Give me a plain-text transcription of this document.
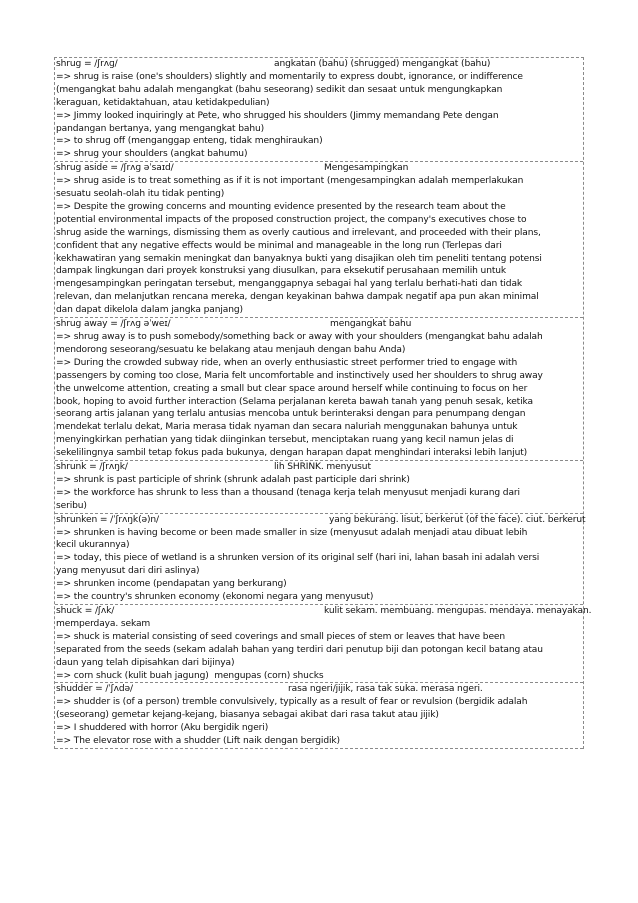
shrug = /ʃrʌɡ/	angkatan (bahu) (shrugged) mengangkat (bahu)
=> shrug is raise (one's shoulders) slightly and momentarily to express doubt, ignorance, or indifference
(mengangkat bahu adalah mengangkat (bahu seseorang) sedikit dan sesaat untuk mengungkapkan
keraguan, ketidaktahuan, atau ketidakpedulian)
=> Jimmy looked inquiringly at Pete, who shrugged his shoulders (Jimmy memandang Pete dengan
pandangan bertanya, yang mengangkat bahu)
=> to shrug off (menganggap enteng, tidak menghiraukan)
=> shrug your shoulders (angkat bahumu)
shrug aside = /ʃrʌɡ əˈsaɪd/	Mengesampingkan
=> shrug aside is to treat something as if it is not important (mengesampingkan adalah memperlakukan
sesuatu seolah-olah itu tidak penting)
=> Despite the growing concerns and mounting evidence presented by the research team about the
potential environmental impacts of the proposed construction project, the company's executives chose to
shrug aside the warnings, dismissing them as overly cautious and irrelevant, and proceeded with their plans,
confident that any negative effects would be minimal and manageable in the long run (Terlepas dari
kekhawatiran yang semakin meningkat dan banyaknya bukti yang disajikan oleh tim peneliti tentang potensi
dampak lingkungan dari proyek konstruksi yang diusulkan, para eksekutif perusahaan memilih untuk
mengesampingkan peringatan tersebut, menganggapnya sebagai hal yang terlalu berhati-hati dan tidak
relevan, dan melanjutkan rencana mereka, dengan keyakinan bahwa dampak negatif apa pun akan minimal
dan dapat dikelola dalam jangka panjang)
shrug away = /ʃrʌɡ əˈweɪ/	mengangkat bahu
=> shrug away is to push somebody/something back or away with your shoulders (mengangkat bahu adalah
mendorong seseorang/sesuatu ke belakang atau menjauh dengan bahu Anda)
=> During the crowded subway ride, when an overly enthusiastic street performer tried to engage with
passengers by coming too close, Maria felt uncomfortable and instinctively used her shoulders to shrug away
the unwelcome attention, creating a small but clear space around herself while continuing to focus on her
book, hoping to avoid further interaction (Selama perjalanan kereta bawah tanah yang penuh sesak, ketika
seorang artis jalanan yang terlalu antusias mencoba untuk berinteraksi dengan para penumpang dengan
mendekat terlalu dekat, Maria merasa tidak nyaman dan secara naluriah menggunakan bahunya untuk
menyingkirkan perhatian yang tidak diinginkan tersebut, menciptakan ruang yang kecil namun jelas di
sekelilingnya sambil tetap fokus pada bukunya, dengan harapan dapat menghindari interaksi lebih lanjut)
shrunk = /ʃrʌŋk/	lih SHRINK. menyusut
=> shrunk is past participle of shrink (shrunk adalah past participle dari shrink)
=> the workforce has shrunk to less than a thousand (tenaga kerja telah menyusut menjadi kurang dari
seribu)
shrunken = /ˈʃrʌŋk(ə)n/	yang bekurang. lisut, berkerut (of the face). ciut. berkerut
=> shrunken is having become or been made smaller in size (menyusut adalah menjadi atau dibuat lebih
kecil ukurannya)
=> today, this piece of wetland is a shrunken version of its original self (hari ini, lahan basah ini adalah versi
yang menyusut dari diri aslinya)
=> shrunken income (pendapatan yang berkurang)
=> the country's shrunken economy (ekonomi negara yang menyusut)
shuck = /ʃʌk/	kulit sekam. membuang. mengupas. mendaya. menayakan.
memperdaya. sekam
=> shuck is material consisting of seed coverings and small pieces of stem or leaves that have been
separated from the seeds (sekam adalah bahan yang terdiri dari penutup biji dan potongan kecil batang atau
daun yang telah dipisahkan dari bijinya)
=> corn shuck (kulit buah jagung)  mengupas (corn) shucks
shudder = /ˈʃʌdə/	rasa ngeri/jijik, rasa tak suka. merasa ngeri.
=> shudder is (of a person) tremble convulsively, typically as a result of fear or revulsion (bergidik adalah
(seseorang) gemetar kejang-kejang, biasanya sebagai akibat dari rasa takut atau jijik)
=> I shuddered with horror (Aku bergidik ngeri)
=> The elevator rose with a shudder (Lift naik dengan bergidik)
